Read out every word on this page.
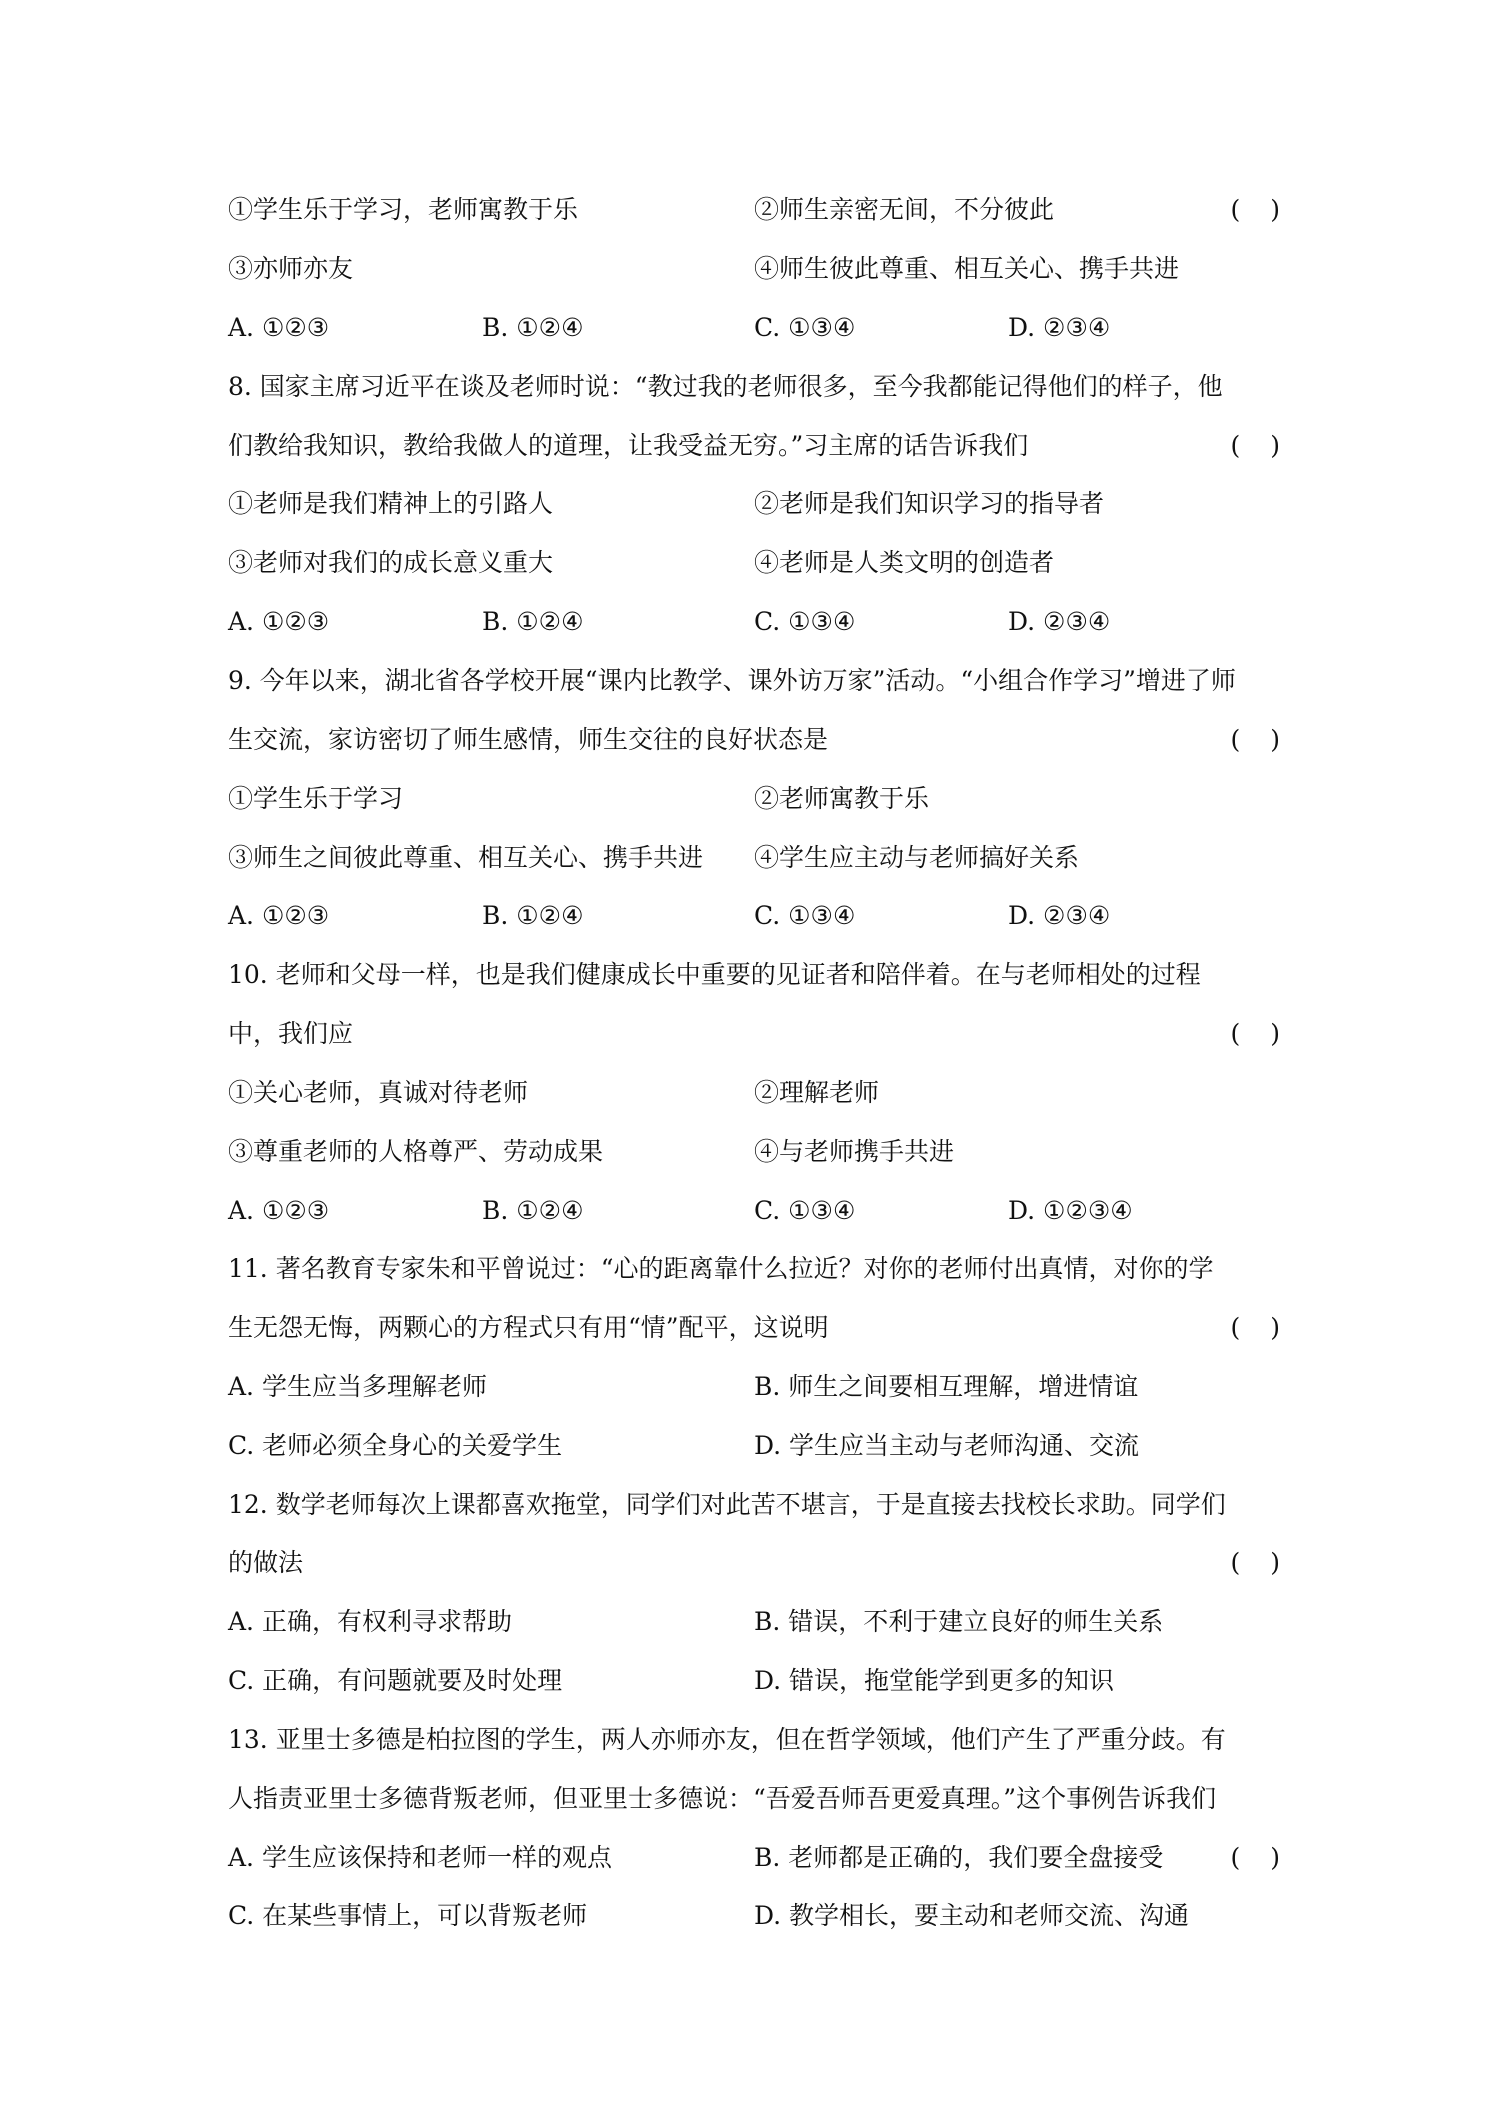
①学生乐于学习，老师寓教于乐	②师生亲密无间，不分彼此	( )
③亦师亦友	④师生彼此尊重、相互关心、携手共进
A. ①②③	B. ①②④	C. ①③④	D. ②③④
8. 国家主席习近平在谈及老师时说：“教过我的老师很多，至今我都能记得他们的样子，他
们教给我知识，教给我做人的道理，让我受益无穷。”习主席的话告诉我们	( )
①老师是我们精神上的引路人	②老师是我们知识学习的指导者
③老师对我们的成长意义重大	④老师是人类文明的创造者
A. ①②③	B. ①②④	C. ①③④	D. ②③④
9. 今年以来，湖北省各学校开展“课内比教学、课外访万家”活动。“小组合作学习”增进了师
生交流，家访密切了师生感情，师生交往的良好状态是	( )
①学生乐于学习	②老师寓教于乐
③师生之间彼此尊重、相互关心、携手共进 ④学生应主动与老师搞好关系
A. ①②③	B. ①②④	C. ①③④	D. ②③④
10. 老师和父母一样，也是我们健康成长中重要的见证者和陪伴着。在与老师相处的过程
中，我们应	( )
①关心老师，真诚对待老师	②理解老师
③尊重老师的人格尊严、劳动成果	④与老师携手共进
A. ①②③	B. ①②④	C. ①③④	D. ①②③④
11. 著名教育专家朱和平曾说过：“心的距离靠什么拉近？对你的老师付出真情，对你的学
生无怨无悔，两颗心的方程式只有用“情”配平，这说明	( )
A. 学生应当多理解老师	B. 师生之间要相互理解，增进情谊
C. 老师必须全身心的关爱学生	D. 学生应当主动与老师沟通、交流
12. 数学老师每次上课都喜欢拖堂，同学们对此苦不堪言，于是直接去找校长求助。同学们
的做法	( )
A. 正确，有权利寻求帮助	B. 错误，不利于建立良好的师生关系
C. 正确，有问题就要及时处理	D. 错误，拖堂能学到更多的知识
13. 亚里士多德是柏拉图的学生，两人亦师亦友，但在哲学领域，他们产生了严重分歧。有
人指责亚里士多德背叛老师，但亚里士多德说：“吾爱吾师吾更爱真理。”这个事例告诉我们
A. 学生应该保持和老师一样的观点	B. 老师都是正确的，我们要全盘接受	( )
C. 在某些事情上，可以背叛老师	D. 教学相长，要主动和老师交流、沟通
